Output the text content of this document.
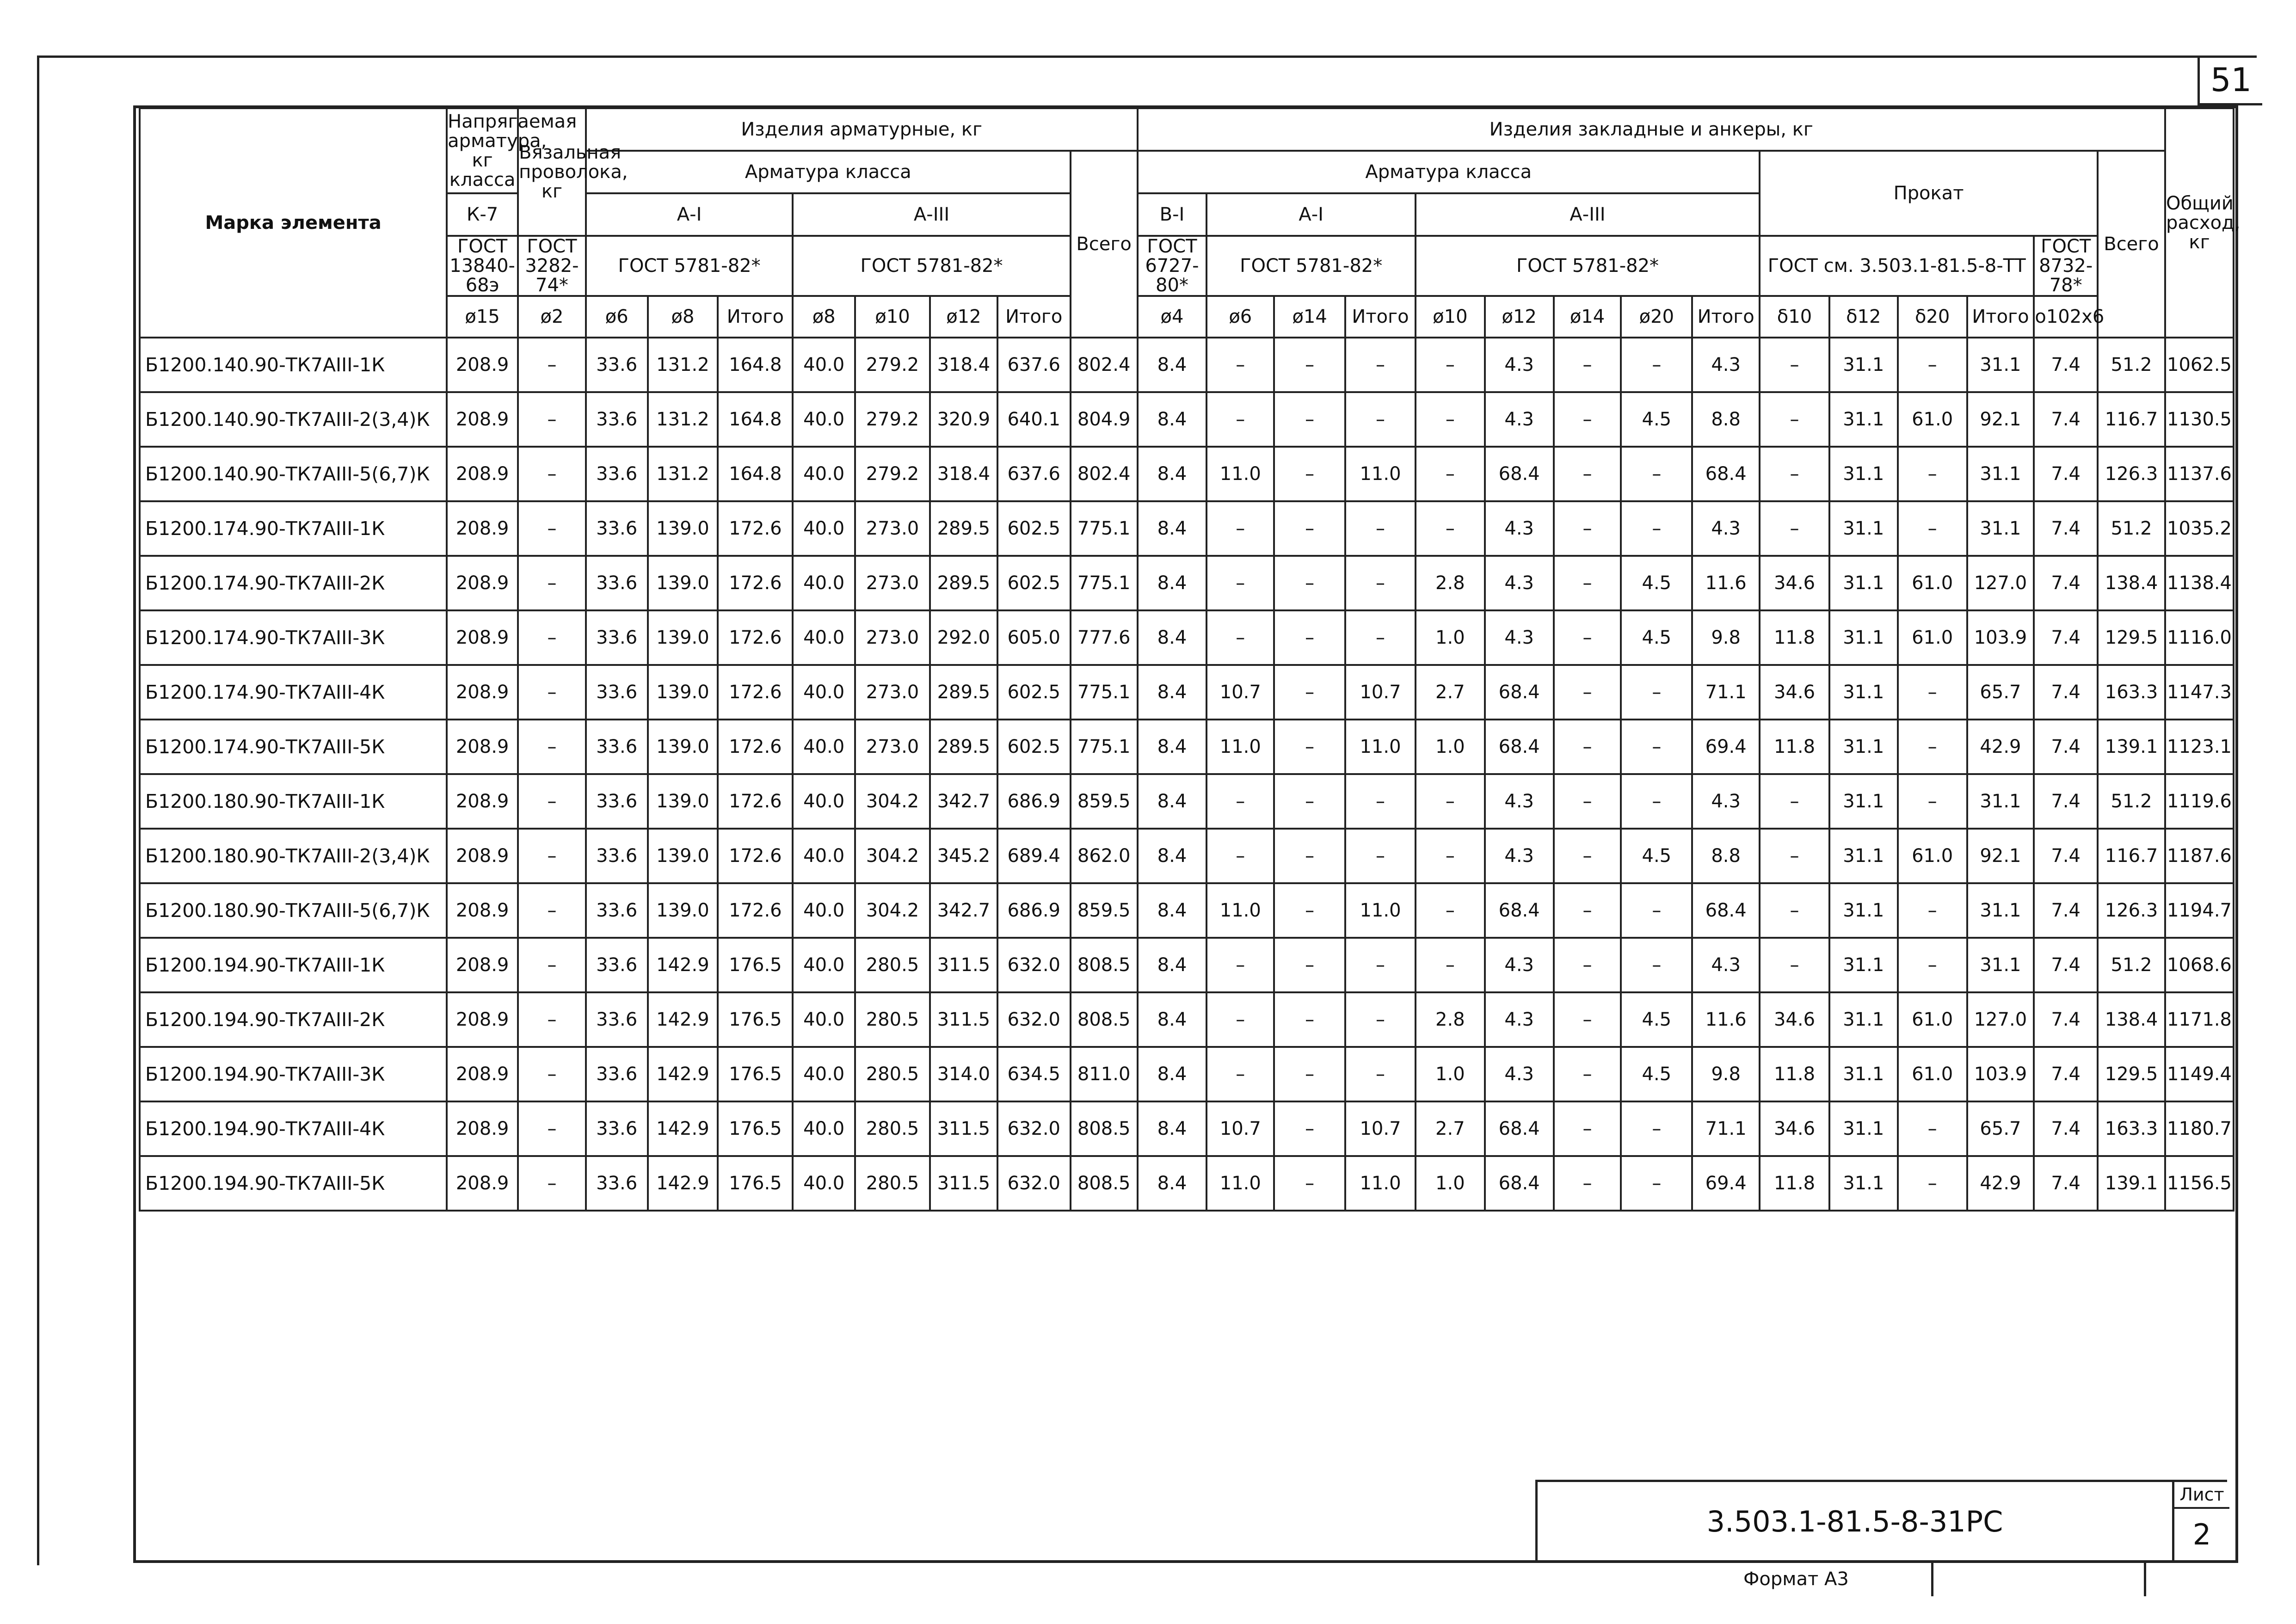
51
Марка элемента	Напрягаемая арматура, кг класса	Вязальная проволока, кг	Изделия арматурные, кг								Изделия закладные и анкеры, кг															Общий расход, кг
			Арматура класса							Всего	Арматура класса									Прокат					Всего	
	К-7		А-I			А-III					В-I	А-I			А-III											
	ГОСТ 13840-68э	ГОСТ 3282-74*	ГОСТ 5781-82*			ГОСТ 5781-82*					ГОСТ 6727-80*	ГОСТ 5781-82*			ГОСТ 5781-82*					ГОСТ см. 3.503.1-81.5-8-ТТ				ГОСТ 8732-78*		
	ø15	ø2	ø6	ø8	Итого	ø8	ø10	ø12	Итого		ø4	ø6	ø14	Итого	ø10	ø12	ø14	ø20	Итого	δ10	δ12	δ20	Итого	o102x6		
Б1200.140.90-ТК7АIII-1К	208.9	–	33.6	131.2	164.8	40.0	279.2	318.4	637.6	802.4	8.4	–	–	–	–	4.3	–	–	4.3	–	31.1	–	31.1	7.4	51.2	1062.5
Б1200.140.90-ТК7АIII-2(3,4)К	208.9	–	33.6	131.2	164.8	40.0	279.2	320.9	640.1	804.9	8.4	–	–	–	–	4.3	–	4.5	8.8	–	31.1	61.0	92.1	7.4	116.7	1130.5
Б1200.140.90-ТК7АIII-5(6,7)К	208.9	–	33.6	131.2	164.8	40.0	279.2	318.4	637.6	802.4	8.4	11.0	–	11.0	–	68.4	–	–	68.4	–	31.1	–	31.1	7.4	126.3	1137.6
Б1200.174.90-ТК7АIII-1К	208.9	–	33.6	139.0	172.6	40.0	273.0	289.5	602.5	775.1	8.4	–	–	–	–	4.3	–	–	4.3	–	31.1	–	31.1	7.4	51.2	1035.2
Б1200.174.90-ТК7АIII-2К	208.9	–	33.6	139.0	172.6	40.0	273.0	289.5	602.5	775.1	8.4	–	–	–	2.8	4.3	–	4.5	11.6	34.6	31.1	61.0	127.0	7.4	138.4	1138.4
Б1200.174.90-ТК7АIII-3К	208.9	–	33.6	139.0	172.6	40.0	273.0	292.0	605.0	777.6	8.4	–	–	–	1.0	4.3	–	4.5	9.8	11.8	31.1	61.0	103.9	7.4	129.5	1116.0
Б1200.174.90-ТК7АIII-4К	208.9	–	33.6	139.0	172.6	40.0	273.0	289.5	602.5	775.1	8.4	10.7	–	10.7	2.7	68.4	–	–	71.1	34.6	31.1	–	65.7	7.4	163.3	1147.3
Б1200.174.90-ТК7АIII-5К	208.9	–	33.6	139.0	172.6	40.0	273.0	289.5	602.5	775.1	8.4	11.0	–	11.0	1.0	68.4	–	–	69.4	11.8	31.1	–	42.9	7.4	139.1	1123.1
Б1200.180.90-ТК7АIII-1К	208.9	–	33.6	139.0	172.6	40.0	304.2	342.7	686.9	859.5	8.4	–	–	–	–	4.3	–	–	4.3	–	31.1	–	31.1	7.4	51.2	1119.6
Б1200.180.90-ТК7АIII-2(3,4)К	208.9	–	33.6	139.0	172.6	40.0	304.2	345.2	689.4	862.0	8.4	–	–	–	–	4.3	–	4.5	8.8	–	31.1	61.0	92.1	7.4	116.7	1187.6
Б1200.180.90-ТК7АIII-5(6,7)К	208.9	–	33.6	139.0	172.6	40.0	304.2	342.7	686.9	859.5	8.4	11.0	–	11.0	–	68.4	–	–	68.4	–	31.1	–	31.1	7.4	126.3	1194.7
Б1200.194.90-ТК7АIII-1К	208.9	–	33.6	142.9	176.5	40.0	280.5	311.5	632.0	808.5	8.4	–	–	–	–	4.3	–	–	4.3	–	31.1	–	31.1	7.4	51.2	1068.6
Б1200.194.90-ТК7АIII-2К	208.9	–	33.6	142.9	176.5	40.0	280.5	311.5	632.0	808.5	8.4	–	–	–	2.8	4.3	–	4.5	11.6	34.6	31.1	61.0	127.0	7.4	138.4	1171.8
Б1200.194.90-ТК7АIII-3К	208.9	–	33.6	142.9	176.5	40.0	280.5	314.0	634.5	811.0	8.4	–	–	–	1.0	4.3	–	4.5	9.8	11.8	31.1	61.0	103.9	7.4	129.5	1149.4
Б1200.194.90-ТК7АIII-4К	208.9	–	33.6	142.9	176.5	40.0	280.5	311.5	632.0	808.5	8.4	10.7	–	10.7	2.7	68.4	–	–	71.1	34.6	31.1	–	65.7	7.4	163.3	1180.7
Б1200.194.90-ТК7АIII-5К	208.9	–	33.6	142.9	176.5	40.0	280.5	311.5	632.0	808.5	8.4	11.0	–	11.0	1.0	68.4	–	–	69.4	11.8	31.1	–	42.9	7.4	139.1	1156.5

3.503.1-81.5-8-31РС
Лист
2
Формат А3
